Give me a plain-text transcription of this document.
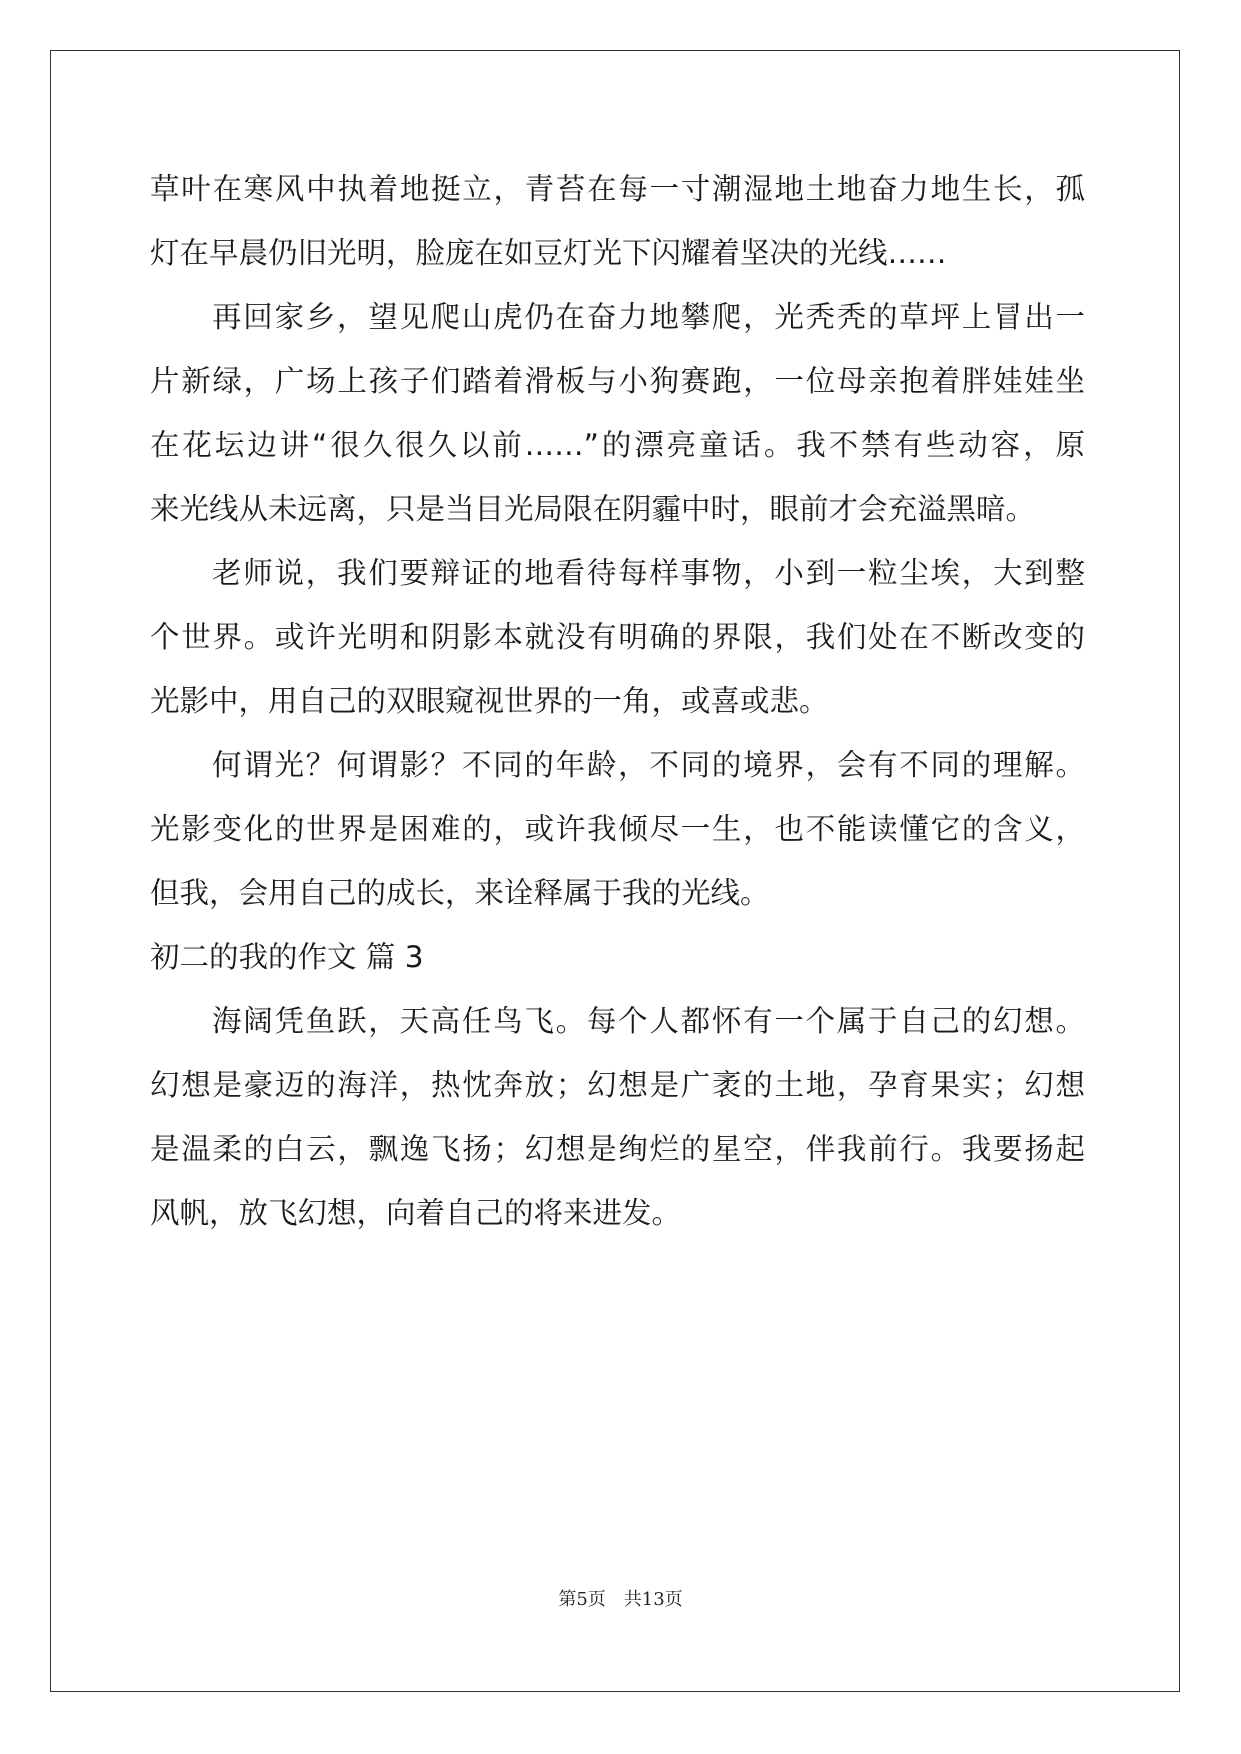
草叶在寒风中执着地挺立，青苔在每一寸潮湿地土地奋力地生长，孤
灯在早晨仍旧光明，脸庞在如豆灯光下闪耀着坚决的光线……
再回家乡，望见爬山虎仍在奋力地攀爬，光秃秃的草坪上冒出一
片新绿，广场上孩子们踏着滑板与小狗赛跑，一位母亲抱着胖娃娃坐
在花坛边讲“很久很久以前……”的漂亮童话。我不禁有些动容，原
来光线从未远离，只是当目光局限在阴霾中时，眼前才会充溢黑暗。
老师说，我们要辩证的地看待每样事物，小到一粒尘埃，大到整
个世界。或许光明和阴影本就没有明确的界限，我们处在不断改变的
光影中，用自己的双眼窥视世界的一角，或喜或悲。
何谓光？何谓影？不同的年龄，不同的境界，会有不同的理解。
光影变化的世界是困难的，或许我倾尽一生，也不能读懂它的含义，
但我，会用自己的成长，来诠释属于我的光线。
初二的我的作文 篇 3
海阔凭鱼跃，天高任鸟飞。每个人都怀有一个属于自己的幻想。
幻想是豪迈的海洋，热忱奔放；幻想是广袤的土地，孕育果实；幻想
是温柔的白云，飘逸飞扬；幻想是绚烂的星空，伴我前行。我要扬起
风帆，放飞幻想，向着自己的将来进发。
第5页 共13页
